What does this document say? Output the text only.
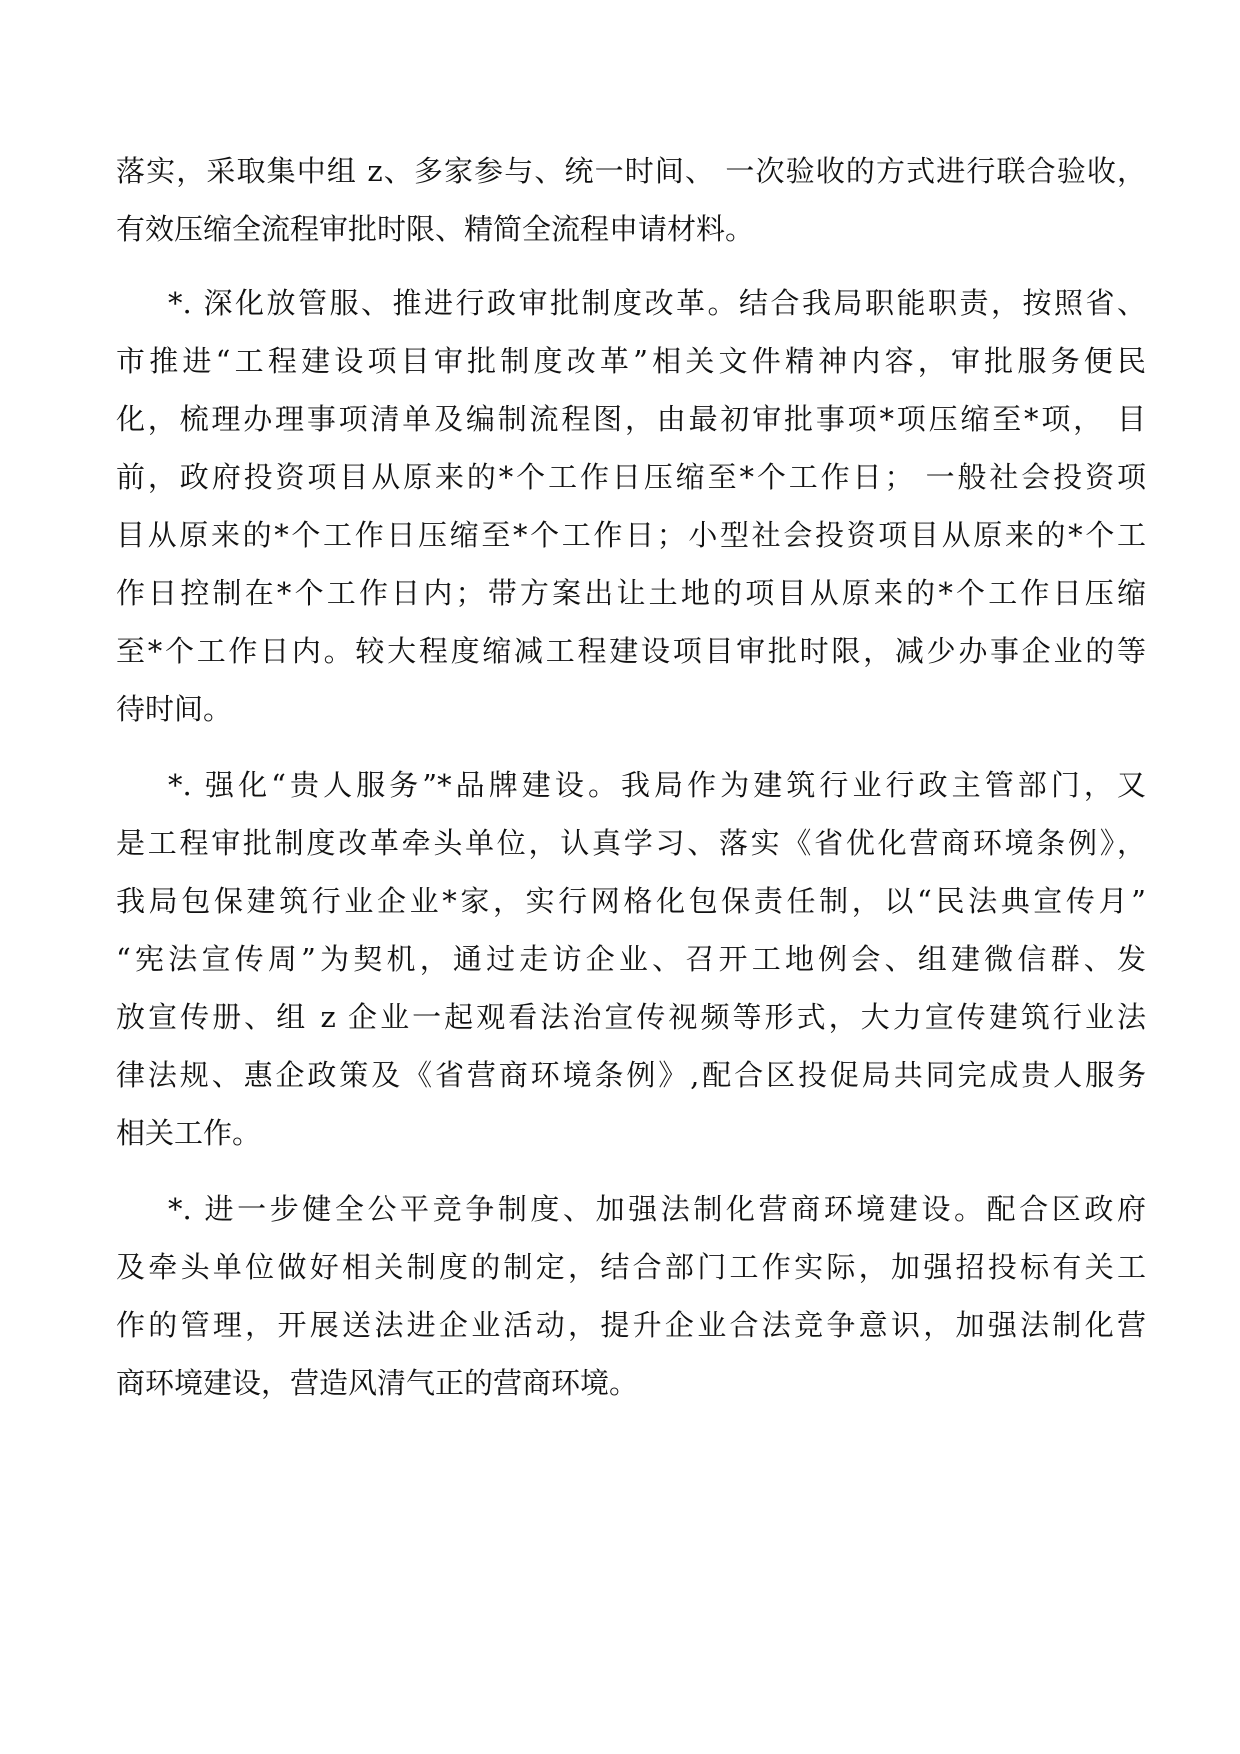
落实，采取集中组 z、多家参与、统一时间、 一次验收的方式进行联合验收，
有效压缩全流程审批时限、精简全流程申请材料。
*. 深化放管服、推进行政审批制度改革。结合我局职能职责，按照省、
市推进“工程建设项目审批制度改革”相关文件精神内容，审批服务便民
化，梳理办理事项清单及编制流程图，由最初审批事项*项压缩至*项， 目
前，政府投资项目从原来的*个工作日压缩至*个工作日； 一般社会投资项
目从原来的*个工作日压缩至*个工作日；小型社会投资项目从原来的*个工
作日控制在*个工作日内；带方案出让土地的项目从原来的*个工作日压缩
至*个工作日内。较大程度缩减工程建设项目审批时限，减少办事企业的等
待时间。
*. 强化“贵人服务”*品牌建设。我局作为建筑行业行政主管部门，又
是工程审批制度改革牵头单位，认真学习、落实《省优化营商环境条例》，
我局包保建筑行业企业*家，实行网格化包保责任制，以“民法典宣传月”
“宪法宣传周”为契机，通过走访企业、召开工地例会、组建微信群、发
放宣传册、组 z 企业一起观看法治宣传视频等形式，大力宣传建筑行业法
律法规、惠企政策及《省营商环境条例》,配合区投促局共同完成贵人服务
相关工作。
*. 进一步健全公平竞争制度、加强法制化营商环境建设。配合区政府
及牵头单位做好相关制度的制定，结合部门工作实际，加强招投标有关工
作的管理，开展送法进企业活动，提升企业合法竞争意识，加强法制化营
商环境建设，营造风清气正的营商环境。
